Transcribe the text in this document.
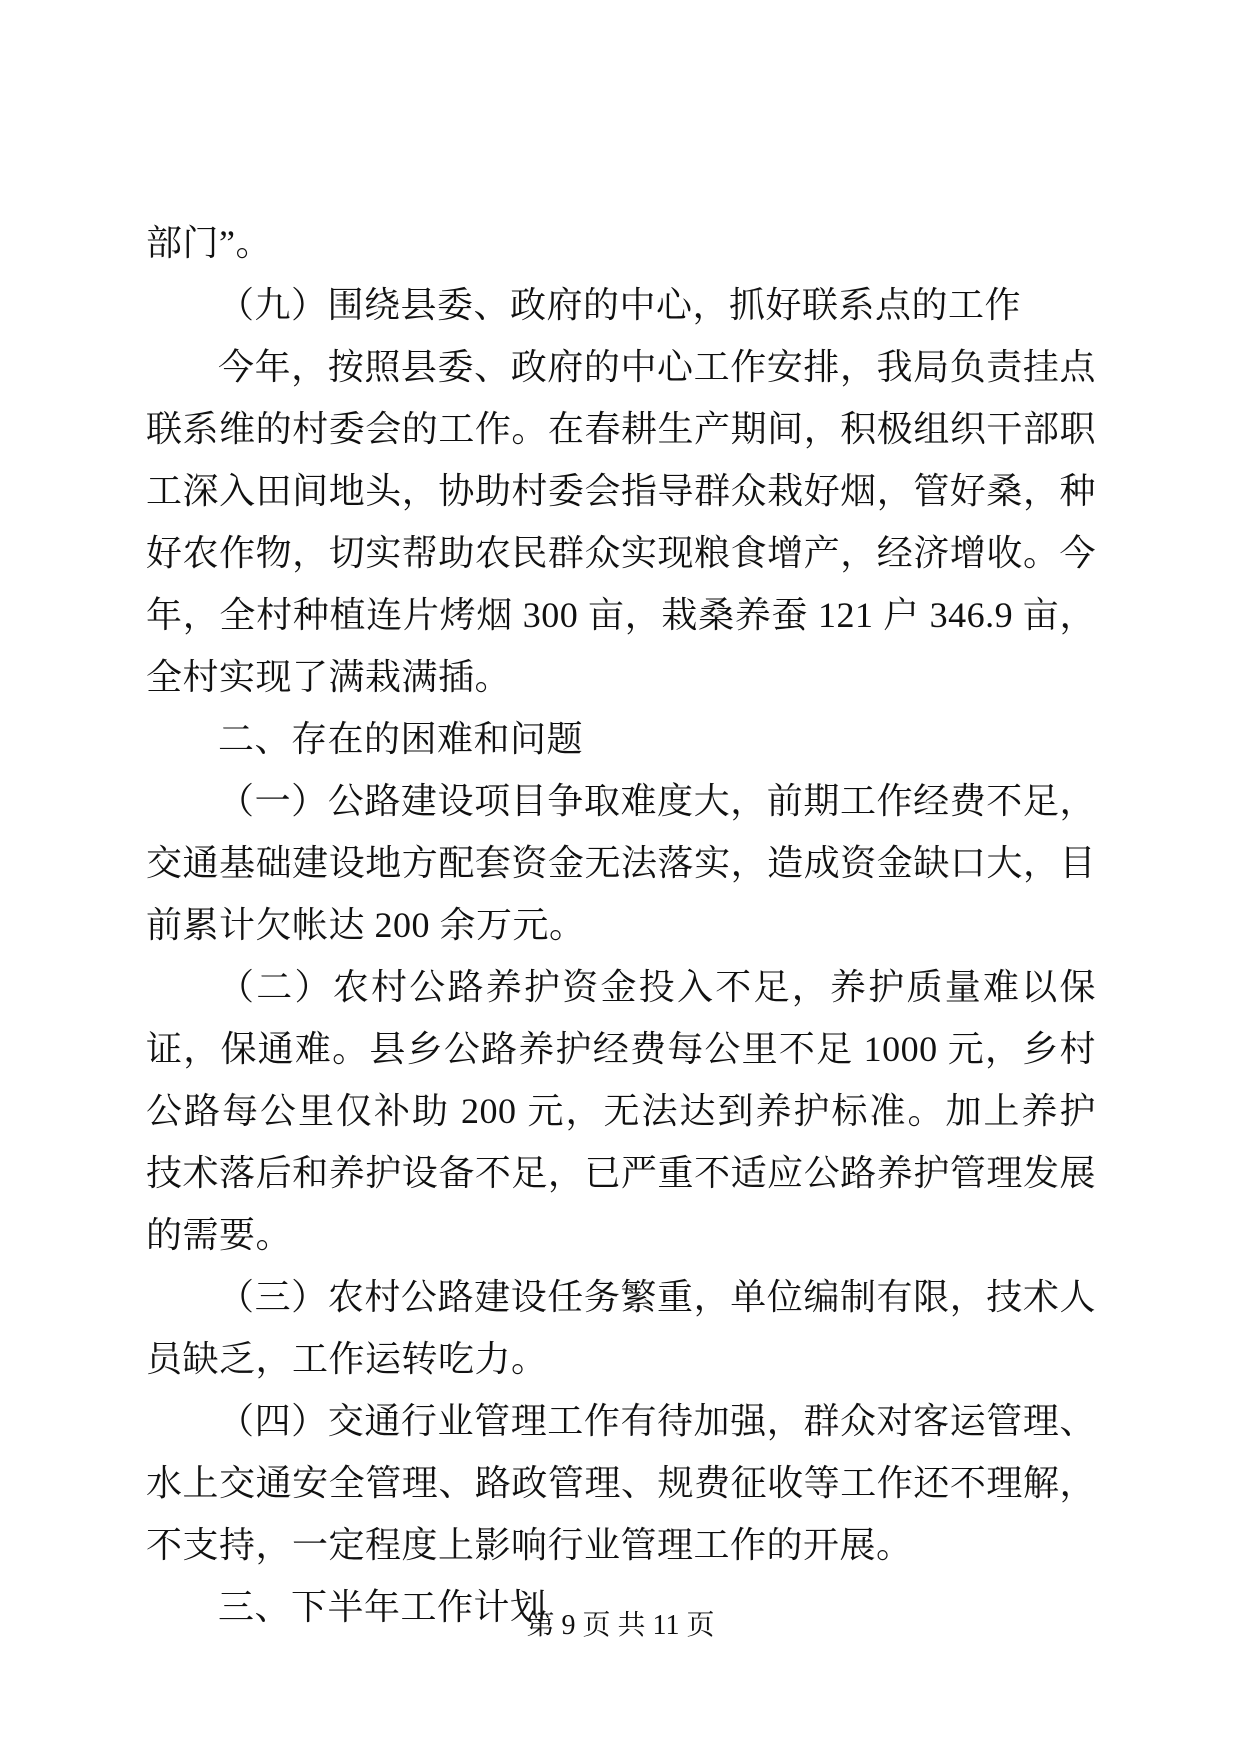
部门”。

（九）围绕县委、政府的中心，抓好联系点的工作

今年，按照县委、政府的中心工作安排，我局负责挂点联系维的村委会的工作。在春耕生产期间，积极组织干部职工深入田间地头，协助村委会指导群众栽好烟，管好桑，种好农作物，切实帮助农民群众实现粮食增产，经济增收。今年，全村种植连片烤烟 300 亩，栽桑养蚕 121 户 346.9 亩，全村实现了满栽满插。

二、存在的困难和问题

（一）公路建设项目争取难度大，前期工作经费不足，交通基础建设地方配套资金无法落实，造成资金缺口大，目前累计欠帐达 200 余万元。

（二）农村公路养护资金投入不足，养护质量难以保证，保通难。县乡公路养护经费每公里不足 1000 元，乡村公路每公里仅补助 200 元，无法达到养护标准。加上养护技术落后和养护设备不足，已严重不适应公路养护管理发展的需要。

（三）农村公路建设任务繁重，单位编制有限，技术人员缺乏，工作运转吃力。

（四）交通行业管理工作有待加强，群众对客运管理、水上交通安全管理、路政管理、规费征收等工作还不理解，不支持，一定程度上影响行业管理工作的开展。

三、下半年工作计划

第 9 页 共 11 页
